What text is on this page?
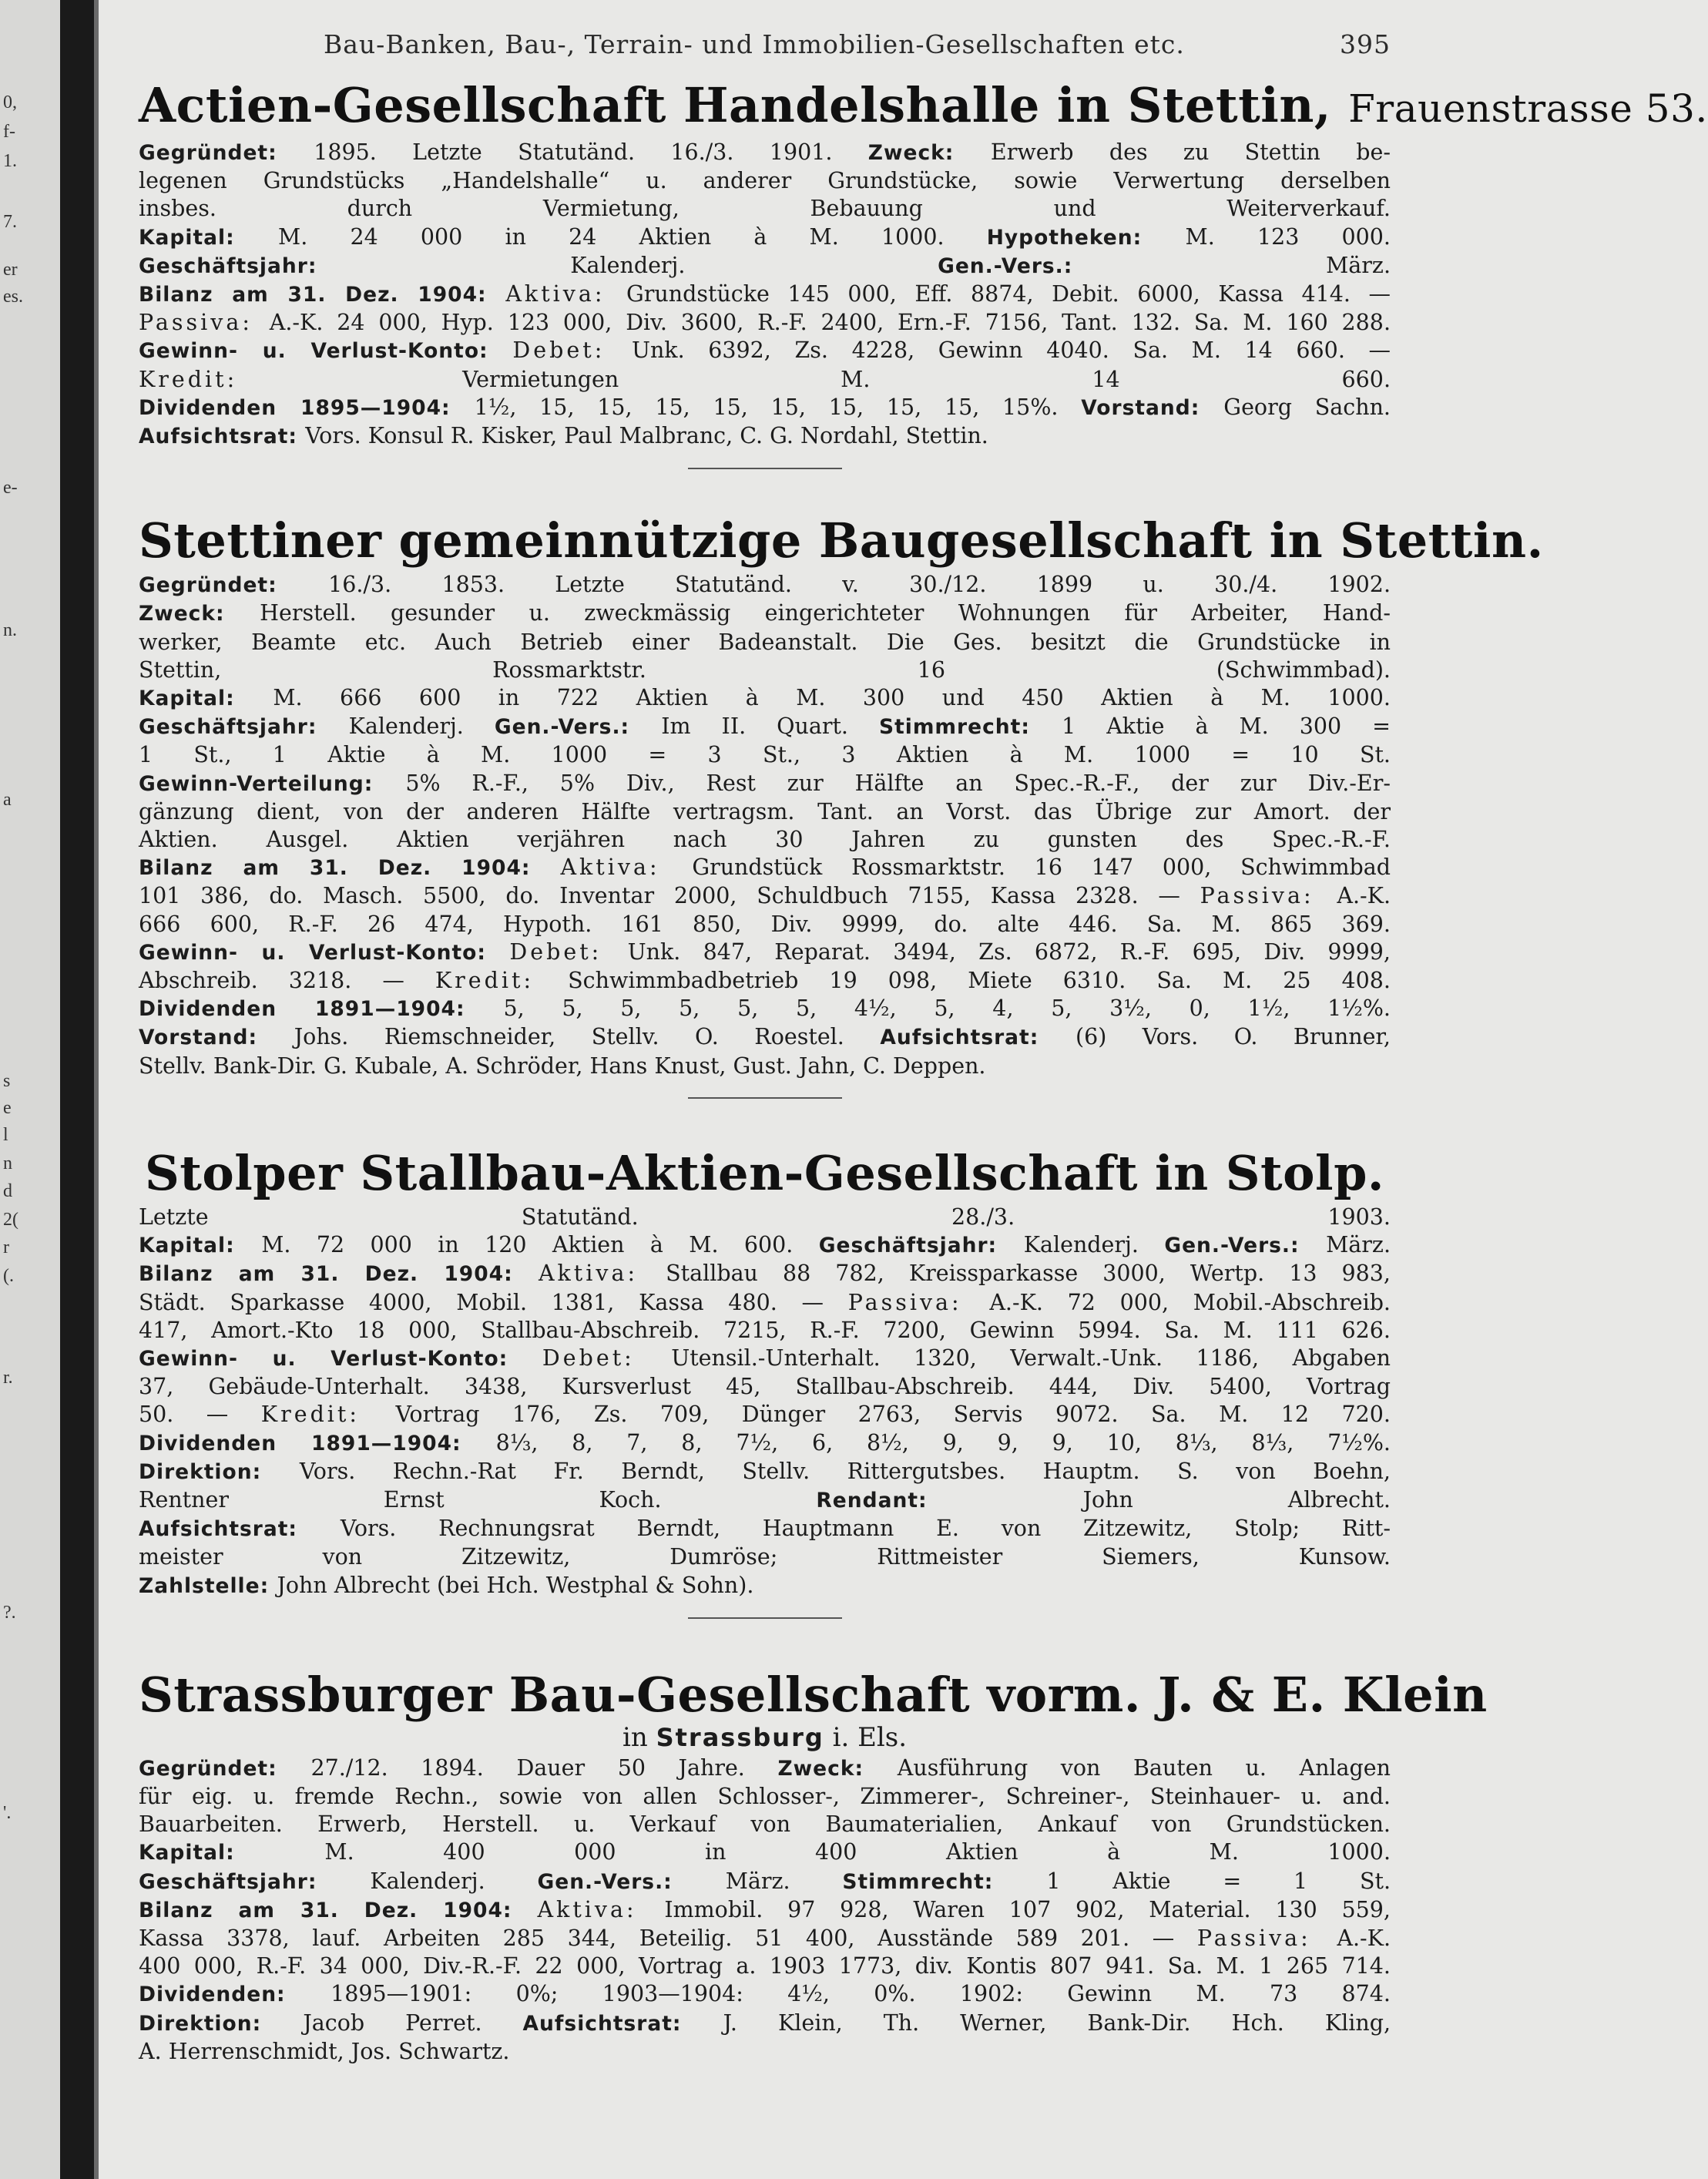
0,
f-
1.
7.
er
es.
e-
n.
a
s
e
l
n
d
2(
r
(.
r.
?.
'.
Bau-Banken, Bau-, Terrain- und Immobilien-Gesellschaften etc.	395
Actien-Gesellschaft Handelshalle in Stettin, Frauenstrasse 53.
Gegründet: 1895. Letzte Statutänd. 16./3. 1901. Zweck: Erwerb des zu Stettin be-
legenen Grundstücks „Handelshalle“ u. anderer Grundstücke, sowie Verwertung derselben
insbes. durch Vermietung, Bebauung und Weiterverkauf.
Kapital: M. 24 000 in 24 Aktien à M. 1000. Hypotheken: M. 123 000.
Geschäftsjahr: Kalenderj. Gen.-Vers.: März.
Bilanz am 31. Dez. 1904: Aktiva: Grundstücke 145 000, Eff. 8874, Debit. 6000, Kassa 414. —
Passiva: A.-K. 24 000, Hyp. 123 000, Div. 3600, R.-F. 2400, Ern.-F. 7156, Tant. 132. Sa. M. 160 288.
Gewinn- u. Verlust-Konto: Debet: Unk. 6392, Zs. 4228, Gewinn 4040. Sa. M. 14 660. —
Kredit: Vermietungen M. 14 660.
Dividenden 1895—1904: 1½, 15, 15, 15, 15, 15, 15, 15, 15, 15%. Vorstand: Georg Sachn.
Aufsichtsrat: Vors. Konsul R. Kisker, Paul Malbranc, C. G. Nordahl, Stettin.
Stettiner gemeinnützige Baugesellschaft in Stettin.
Gegründet: 16./3. 1853. Letzte Statutänd. v. 30./12. 1899 u. 30./4. 1902.
Zweck: Herstell. gesunder u. zweckmässig eingerichteter Wohnungen für Arbeiter, Hand-
werker, Beamte etc. Auch Betrieb einer Badeanstalt. Die Ges. besitzt die Grundstücke in
Stettin, Rossmarktstr. 16 (Schwimmbad).
Kapital: M. 666 600 in 722 Aktien à M. 300 und 450 Aktien à M. 1000.
Geschäftsjahr: Kalenderj. Gen.-Vers.: Im II. Quart. Stimmrecht: 1 Aktie à M. 300 =
1 St., 1 Aktie à M. 1000 = 3 St., 3 Aktien à M. 1000 = 10 St.
Gewinn-Verteilung: 5% R.-F., 5% Div., Rest zur Hälfte an Spec.-R.-F., der zur Div.-Er-
gänzung dient, von der anderen Hälfte vertragsm. Tant. an Vorst. das Übrige zur Amort. der
Aktien. Ausgel. Aktien verjähren nach 30 Jahren zu gunsten des Spec.-R.-F.
Bilanz am 31. Dez. 1904: Aktiva: Grundstück Rossmarktstr. 16 147 000, Schwimmbad
101 386, do. Masch. 5500, do. Inventar 2000, Schuldbuch 7155, Kassa 2328. — Passiva: A.-K.
666 600, R.-F. 26 474, Hypoth. 161 850, Div. 9999, do. alte 446. Sa. M. 865 369.
Gewinn- u. Verlust-Konto: Debet: Unk. 847, Reparat. 3494, Zs. 6872, R.-F. 695, Div. 9999,
Abschreib. 3218. — Kredit: Schwimmbadbetrieb 19 098, Miete 6310. Sa. M. 25 408.
Dividenden 1891—1904: 5, 5, 5, 5, 5, 5, 4½, 5, 4, 5, 3½, 0, 1½, 1½%.
Vorstand: Johs. Riemschneider, Stellv. O. Roestel. Aufsichtsrat: (6) Vors. O. Brunner,
Stellv. Bank-Dir. G. Kubale, A. Schröder, Hans Knust, Gust. Jahn, C. Deppen.
Stolper Stallbau-Aktien-Gesellschaft in Stolp.
Letzte Statutänd. 28./3. 1903.
Kapital: M. 72 000 in 120 Aktien à M. 600. Geschäftsjahr: Kalenderj. Gen.-Vers.: März.
Bilanz am 31. Dez. 1904: Aktiva: Stallbau 88 782, Kreissparkasse 3000, Wertp. 13 983,
Städt. Sparkasse 4000, Mobil. 1381, Kassa 480. — Passiva: A.-K. 72 000, Mobil.-Abschreib.
417, Amort.-Kto 18 000, Stallbau-Abschreib. 7215, R.-F. 7200, Gewinn 5994. Sa. M. 111 626.
Gewinn- u. Verlust-Konto: Debet: Utensil.-Unterhalt. 1320, Verwalt.-Unk. 1186, Abgaben
37, Gebäude-Unterhalt. 3438, Kursverlust 45, Stallbau-Abschreib. 444, Div. 5400, Vortrag
50. — Kredit: Vortrag 176, Zs. 709, Dünger 2763, Servis 9072. Sa. M. 12 720.
Dividenden 1891—1904: 8⅓, 8, 7, 8, 7½, 6, 8½, 9, 9, 9, 10, 8⅓, 8⅓, 7½%.
Direktion: Vors. Rechn.-Rat Fr. Berndt, Stellv. Rittergutsbes. Hauptm. S. von Boehn,
Rentner Ernst Koch. Rendant: John Albrecht.
Aufsichtsrat: Vors. Rechnungsrat Berndt, Hauptmann E. von Zitzewitz, Stolp; Ritt-
meister von Zitzewitz, Dumröse; Rittmeister Siemers, Kunsow.
Zahlstelle: John Albrecht (bei Hch. Westphal & Sohn).
Strassburger Bau-Gesellschaft vorm. J. & E. Klein
in Strassburg i. Els.
Gegründet: 27./12. 1894. Dauer 50 Jahre. Zweck: Ausführung von Bauten u. Anlagen
für eig. u. fremde Rechn., sowie von allen Schlosser-, Zimmerer-, Schreiner-, Steinhauer- u. and.
Bauarbeiten. Erwerb, Herstell. u. Verkauf von Baumaterialien, Ankauf von Grundstücken.
Kapital: M. 400 000 in 400 Aktien à M. 1000.
Geschäftsjahr: Kalenderj. Gen.-Vers.: März. Stimmrecht: 1 Aktie = 1 St.
Bilanz am 31. Dez. 1904: Aktiva: Immobil. 97 928, Waren 107 902, Material. 130 559,
Kassa 3378, lauf. Arbeiten 285 344, Beteilig. 51 400, Ausstände 589 201. — Passiva: A.-K.
400 000, R.-F. 34 000, Div.-R.-F. 22 000, Vortrag a. 1903 1773, div. Kontis 807 941. Sa. M. 1 265 714.
Dividenden: 1895—1901: 0%; 1903—1904: 4½, 0%. 1902: Gewinn M. 73 874.
Direktion: Jacob Perret. Aufsichtsrat: J. Klein, Th. Werner, Bank-Dir. Hch. Kling,
A. Herrenschmidt, Jos. Schwartz.
